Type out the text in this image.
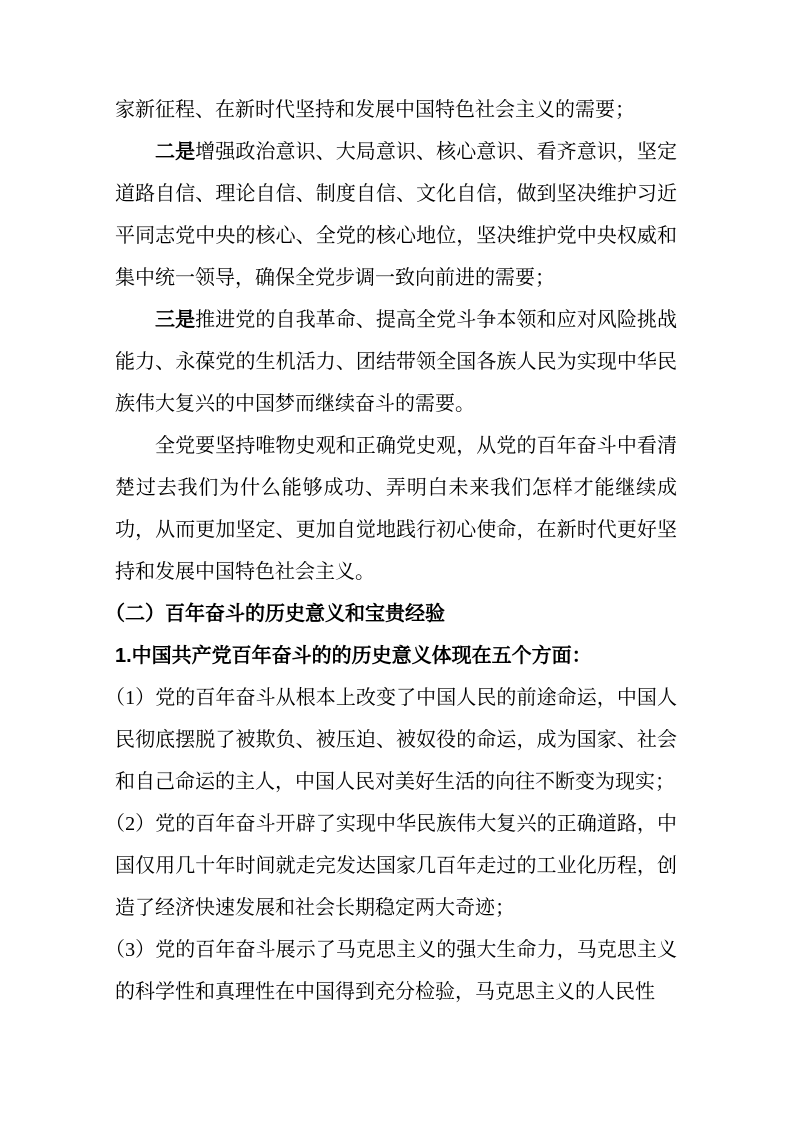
家新征程、在新时代坚持和发展中国特色社会主义的需要；

二是增强政治意识、大局意识、核心意识、看齐意识，坚定道路自信、理论自信、制度自信、文化自信，做到坚决维护习近平同志党中央的核心、全党的核心地位，坚决维护党中央权威和集中统一领导，确保全党步调一致向前进的需要；

三是推进党的自我革命、提高全党斗争本领和应对风险挑战能力、永葆党的生机活力、团结带领全国各族人民为实现中华民族伟大复兴的中国梦而继续奋斗的需要。

全党要坚持唯物史观和正确党史观，从党的百年奋斗中看清楚过去我们为什么能够成功、弄明白未来我们怎样才能继续成功，从而更加坚定、更加自觉地践行初心使命，在新时代更好坚持和发展中国特色社会主义。

（二）百年奋斗的历史意义和宝贵经验

1.中国共产党百年奋斗的的历史意义体现在五个方面：

（1）党的百年奋斗从根本上改变了中国人民的前途命运，中国人民彻底摆脱了被欺负、被压迫、被奴役的命运，成为国家、社会和自己命运的主人，中国人民对美好生活的向往不断变为现实；

（2）党的百年奋斗开辟了实现中华民族伟大复兴的正确道路，中国仅用几十年时间就走完发达国家几百年走过的工业化历程，创造了经济快速发展和社会长期稳定两大奇迹；

（3）党的百年奋斗展示了马克思主义的强大生命力，马克思主义的科学性和真理性在中国得到充分检验，马克思主义的人民性
